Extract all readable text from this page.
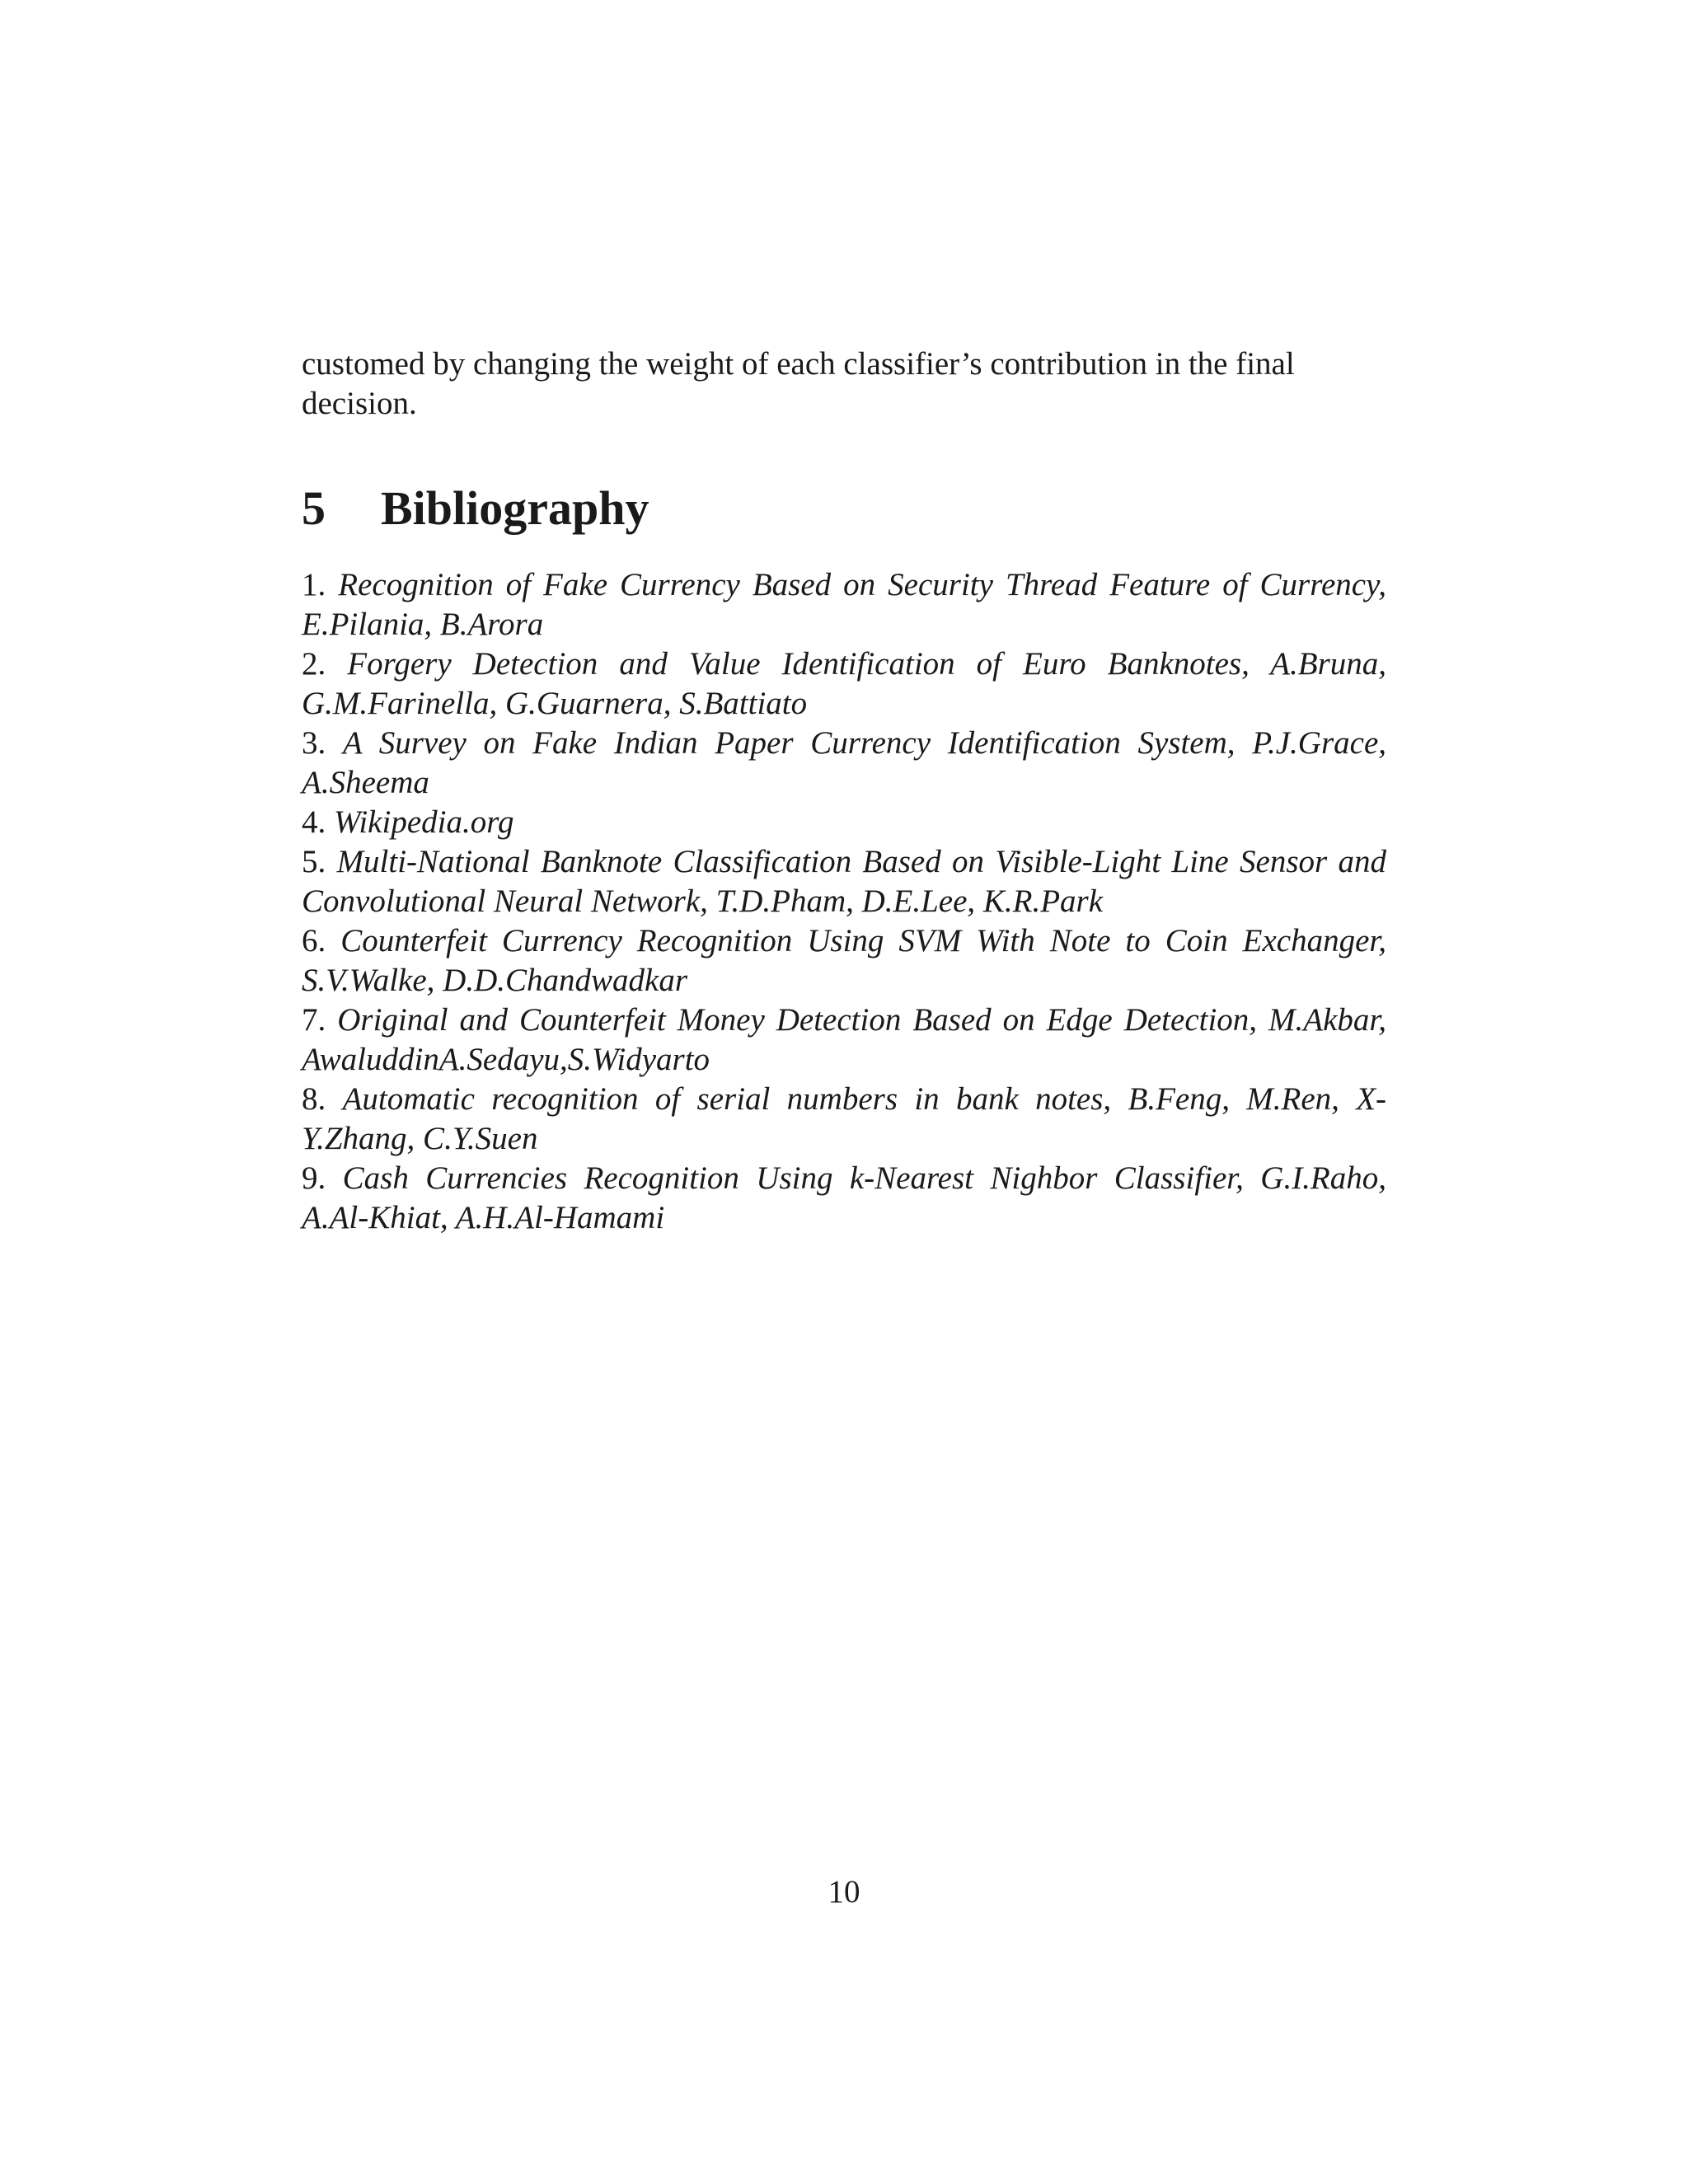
customed by changing the weight of each classifier’s contribution in the final decision.
5 Bibliography
1. Recognition of Fake Currency Based on Security Thread Feature of Currency, E.Pilania, B.Arora
2. Forgery Detection and Value Identification of Euro Banknotes, A.Bruna, G.M.Farinella, G.Guarnera, S.Battiato
3. A Survey on Fake Indian Paper Currency Identification System, P.J.Grace, A.Sheema
4. Wikipedia.org
5. Multi-National Banknote Classification Based on Visible-Light Line Sensor and Convolutional Neural Network, T.D.Pham, D.E.Lee, K.R.Park
6. Counterfeit Currency Recognition Using SVM With Note to Coin Exchanger, S.V.Walke, D.D.Chandwadkar
7. Original and Counterfeit Money Detection Based on Edge Detection, M.Akbar, AwaluddinA.Sedayu,S.Widyarto
8. Automatic recognition of serial numbers in bank notes, B.Feng, M.Ren, X-Y.Zhang, C.Y.Suen
9. Cash Currencies Recognition Using k-Nearest Nighbor Classifier, G.I.Raho, A.Al-Khiat, A.H.Al-Hamami
10
